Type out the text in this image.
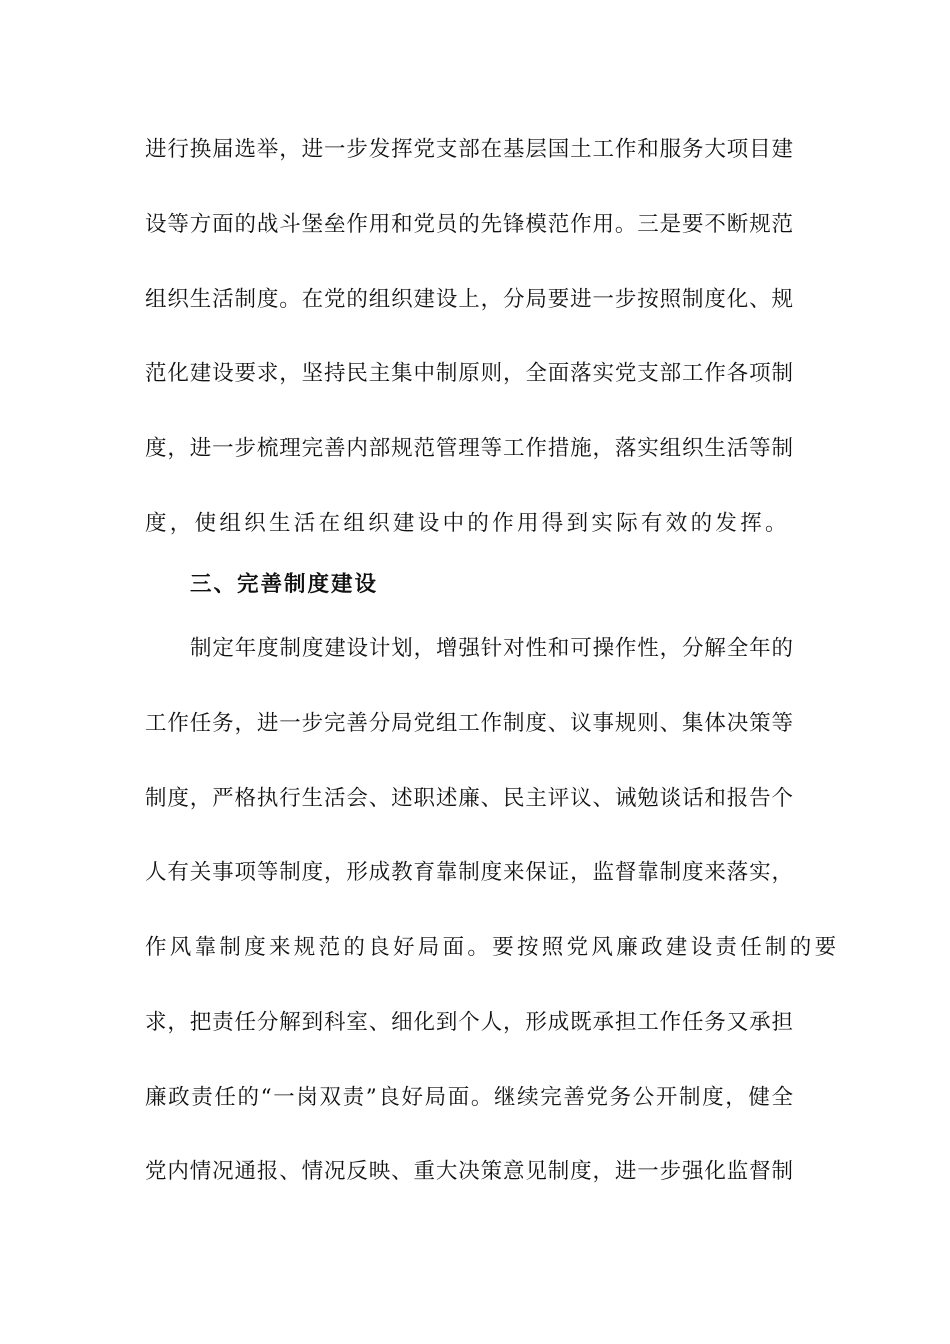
进行换届选举，进一步发挥党支部在基层国土工作和服务大项目建
设等方面的战斗堡垒作用和党员的先锋模范作用。三是要不断规范
组织生活制度。在党的组织建设上，分局要进一步按照制度化、规
范化建设要求，坚持民主集中制原则，全面落实党支部工作各项制
度，进一步梳理完善内部规范管理等工作措施，落实组织生活等制
度，使组织生活在组织建设中的作用得到实际有效的发挥。
三、完善制度建设
制定年度制度建设计划，增强针对性和可操作性，分解全年的
工作任务，进一步完善分局党组工作制度、议事规则、集体决策等
制度，严格执行生活会、述职述廉、民主评议、诫勉谈话和报告个
人有关事项等制度，形成教育靠制度来保证，监督靠制度来落实，
作风靠制度来规范的良好局面。要按照党风廉政建设责任制的要
求，把责任分解到科室、细化到个人，形成既承担工作任务又承担
廉政责任的“一岗双责”良好局面。继续完善党务公开制度，健全
党内情况通报、情况反映、重大决策意见制度，进一步强化监督制
